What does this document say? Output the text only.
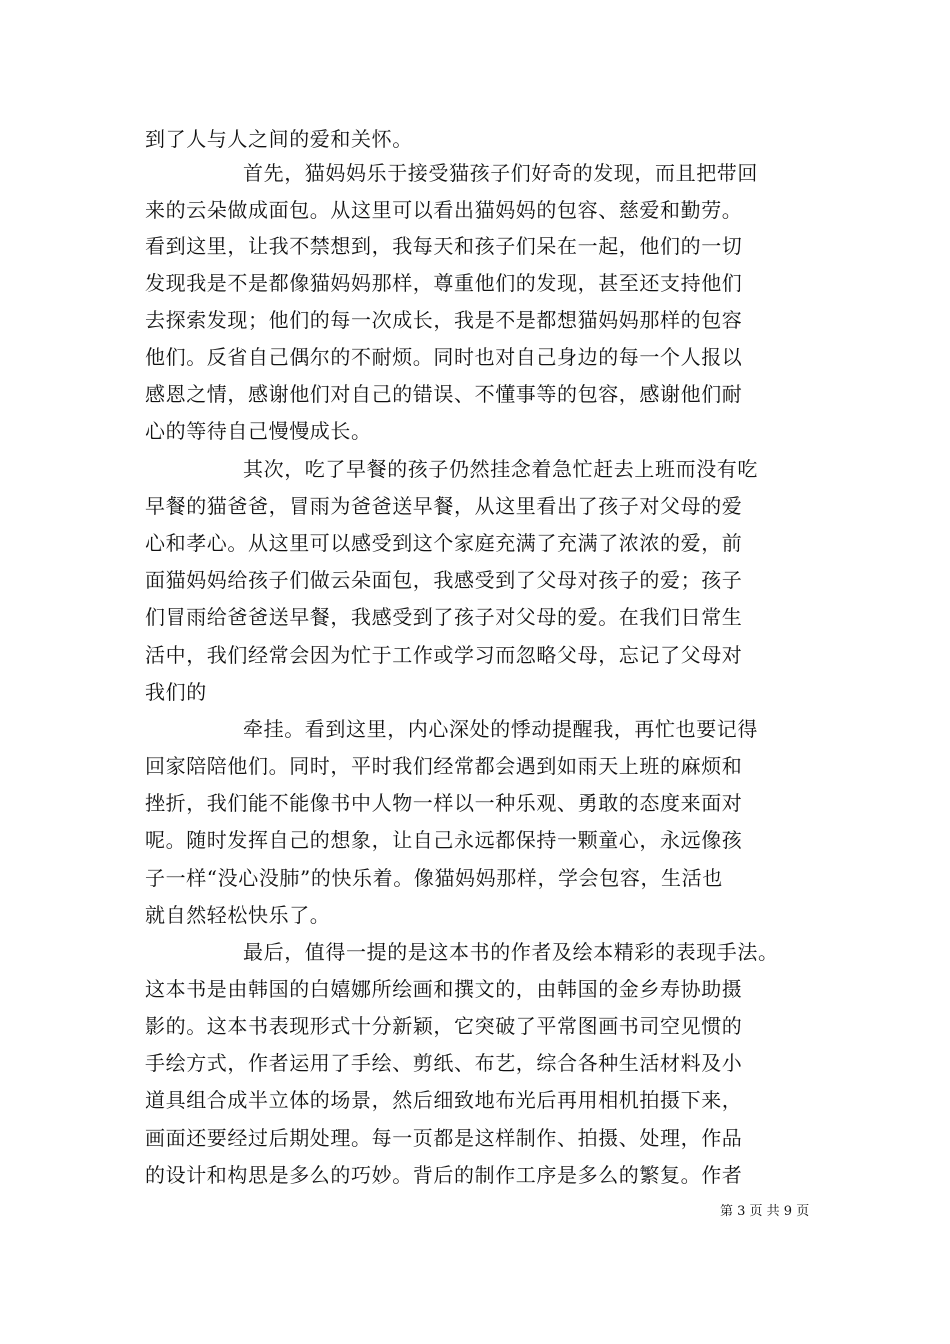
到了人与人之间的爱和关怀。

首先，猫妈妈乐于接受猫孩子们好奇的发现，而且把带回

来的云朵做成面包。从这里可以看出猫妈妈的包容、慈爱和勤劳。

看到这里，让我不禁想到，我每天和孩子们呆在一起，他们的一切

发现我是不是都像猫妈妈那样，尊重他们的发现，甚至还支持他们

去探索发现；他们的每一次成长，我是不是都想猫妈妈那样的包容

他们。反省自己偶尔的不耐烦。同时也对自己身边的每一个人报以

感恩之情，感谢他们对自己的错误、不懂事等的包容，感谢他们耐

心的等待自己慢慢成长。

其次，吃了早餐的孩子仍然挂念着急忙赶去上班而没有吃

早餐的猫爸爸，冒雨为爸爸送早餐，从这里看出了孩子对父母的爱

心和孝心。从这里可以感受到这个家庭充满了充满了浓浓的爱，前

面猫妈妈给孩子们做云朵面包，我感受到了父母对孩子的爱；孩子

们冒雨给爸爸送早餐，我感受到了孩子对父母的爱。在我们日常生

活中，我们经常会因为忙于工作或学习而忽略父母，忘记了父母对

我们的

牵挂。看到这里，内心深处的悸动提醒我，再忙也要记得

回家陪陪他们。同时，平时我们经常都会遇到如雨天上班的麻烦和

挫折，我们能不能像书中人物一样以一种乐观、勇敢的态度来面对

呢。随时发挥自己的想象，让自己永远都保持一颗童心，永远像孩

子一样“没心没肺”的快乐着。像猫妈妈那样，学会包容，生活也

就自然轻松快乐了。

最后，值得一提的是这本书的作者及绘本精彩的表现手法。

这本书是由韩国的白嬉娜所绘画和撰文的，由韩国的金乡寿协助摄

影的。这本书表现形式十分新颖，它突破了平常图画书司空见惯的

手绘方式，作者运用了手绘、剪纸、布艺，综合各种生活材料及小

道具组合成半立体的场景，然后细致地布光后再用相机拍摄下来，

画面还要经过后期处理。每一页都是这样制作、拍摄、处理，作品

的设计和构思是多么的巧妙。背后的制作工序是多么的繁复。作者

第 3 页 共 9 页
